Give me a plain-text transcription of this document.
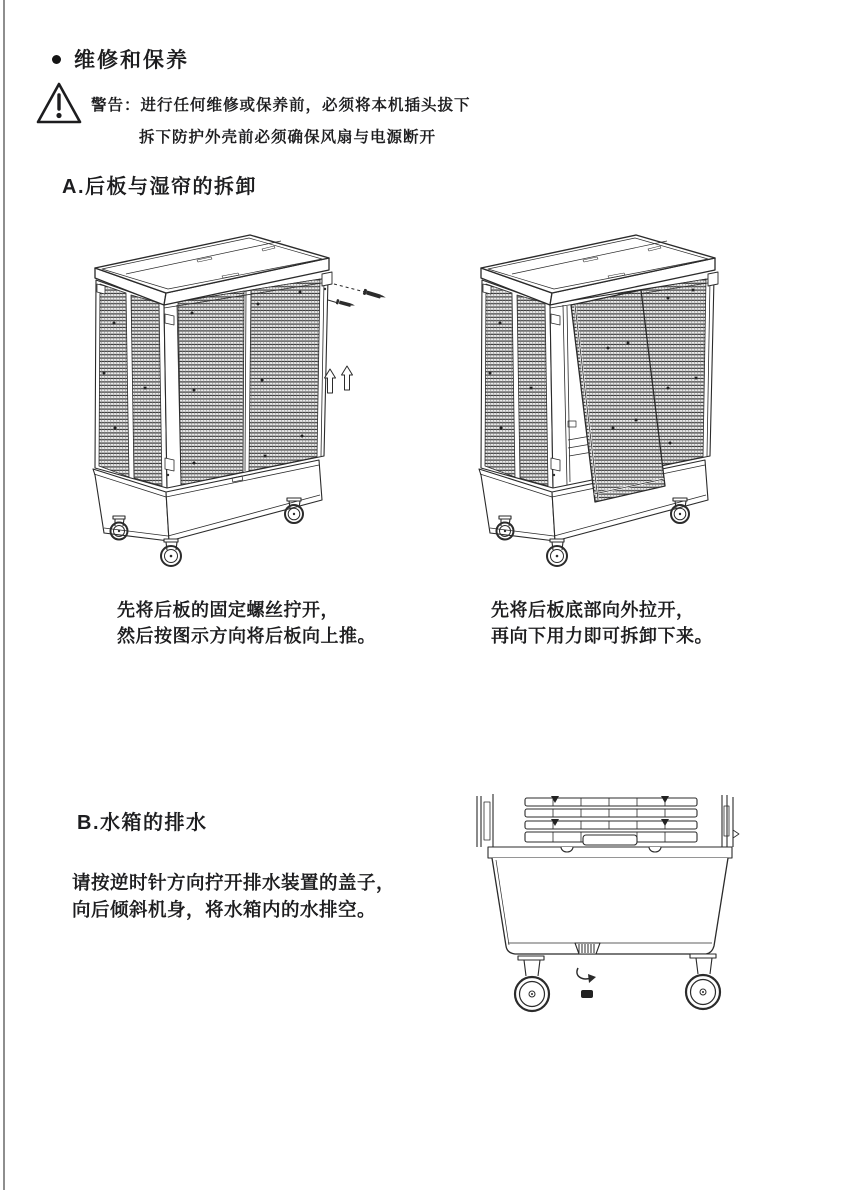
维修和保养
警告：进行任何维修或保养前，必须将本机插头拔下
拆下防护外壳前必须确保风扇与电源断开
A.后板与湿帘的拆卸
先将后板的固定螺丝拧开，
然后按图示方向将后板向上推。
先将后板底部向外拉开，
再向下用力即可拆卸下来。
B.水箱的排水
请按逆时针方向拧开排水装置的盖子，
向后倾斜机身，将水箱内的水排空。
